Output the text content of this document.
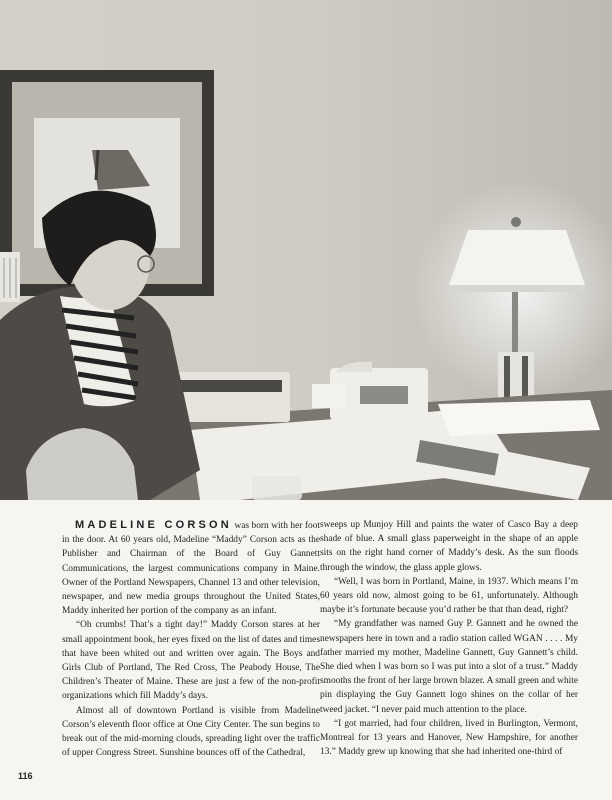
MADELINE CORSON was born with her foot in the door. At 60 years old, Madeline “Maddy” Corson acts as the Publisher and Chairman of the Board of Guy Gannett Communications, the largest communications company in Maine. Owner of the Portland Newspapers, Channel 13 and other television, newspaper, and new media groups throughout the United States, Maddy inherited her portion of the company as an infant.

“Oh crumbs! That’s a tight day!” Maddy Corson stares at her small appointment book, her eyes fixed on the list of dates and times that have been whited out and written over again. The Boys and Girls Club of Portland, The Red Cross, The Peabody House, The Children’s Theater of Maine. These are just a few of the non-profit organizations which fill Maddy’s days.

Almost all of downtown Portland is visible from Madeline Corson’s eleventh floor office at One City Center. The sun begins to break out of the mid-morning clouds, spreading light over the traffic of upper Congress Street. Sunshine bounces off of the Cathedral,

sweeps up Munjoy Hill and paints the water of Casco Bay a deep shade of blue. A small glass paperweight in the shape of an apple sits on the right hand corner of Maddy’s desk. As the sun floods through the window, the glass apple glows.

“Well, I was born in Portland, Maine, in 1937. Which means I’m 60 years old now, almost going to be 61, unfortunately. Although maybe it’s fortunate because you’d rather be that than dead, right?

“My grandfather was named Guy P. Gannett and he owned the newspapers here in town and a radio station called WGAN . . . . My father married my mother, Madeline Gannett, Guy Gannett’s child. She died when I was born so I was put into a slot of a trust.” Maddy smooths the front of her large brown blazer. A small green and white pin displaying the Guy Gannett logo shines on the collar of her tweed jacket. “I never paid much attention to the place.

“I got married, had four children, lived in Burlington, Vermont, Montreal for 13 years and Hanover, New Hampshire, for another 13.” Maddy grew up knowing that she had inherited one-third of

116
